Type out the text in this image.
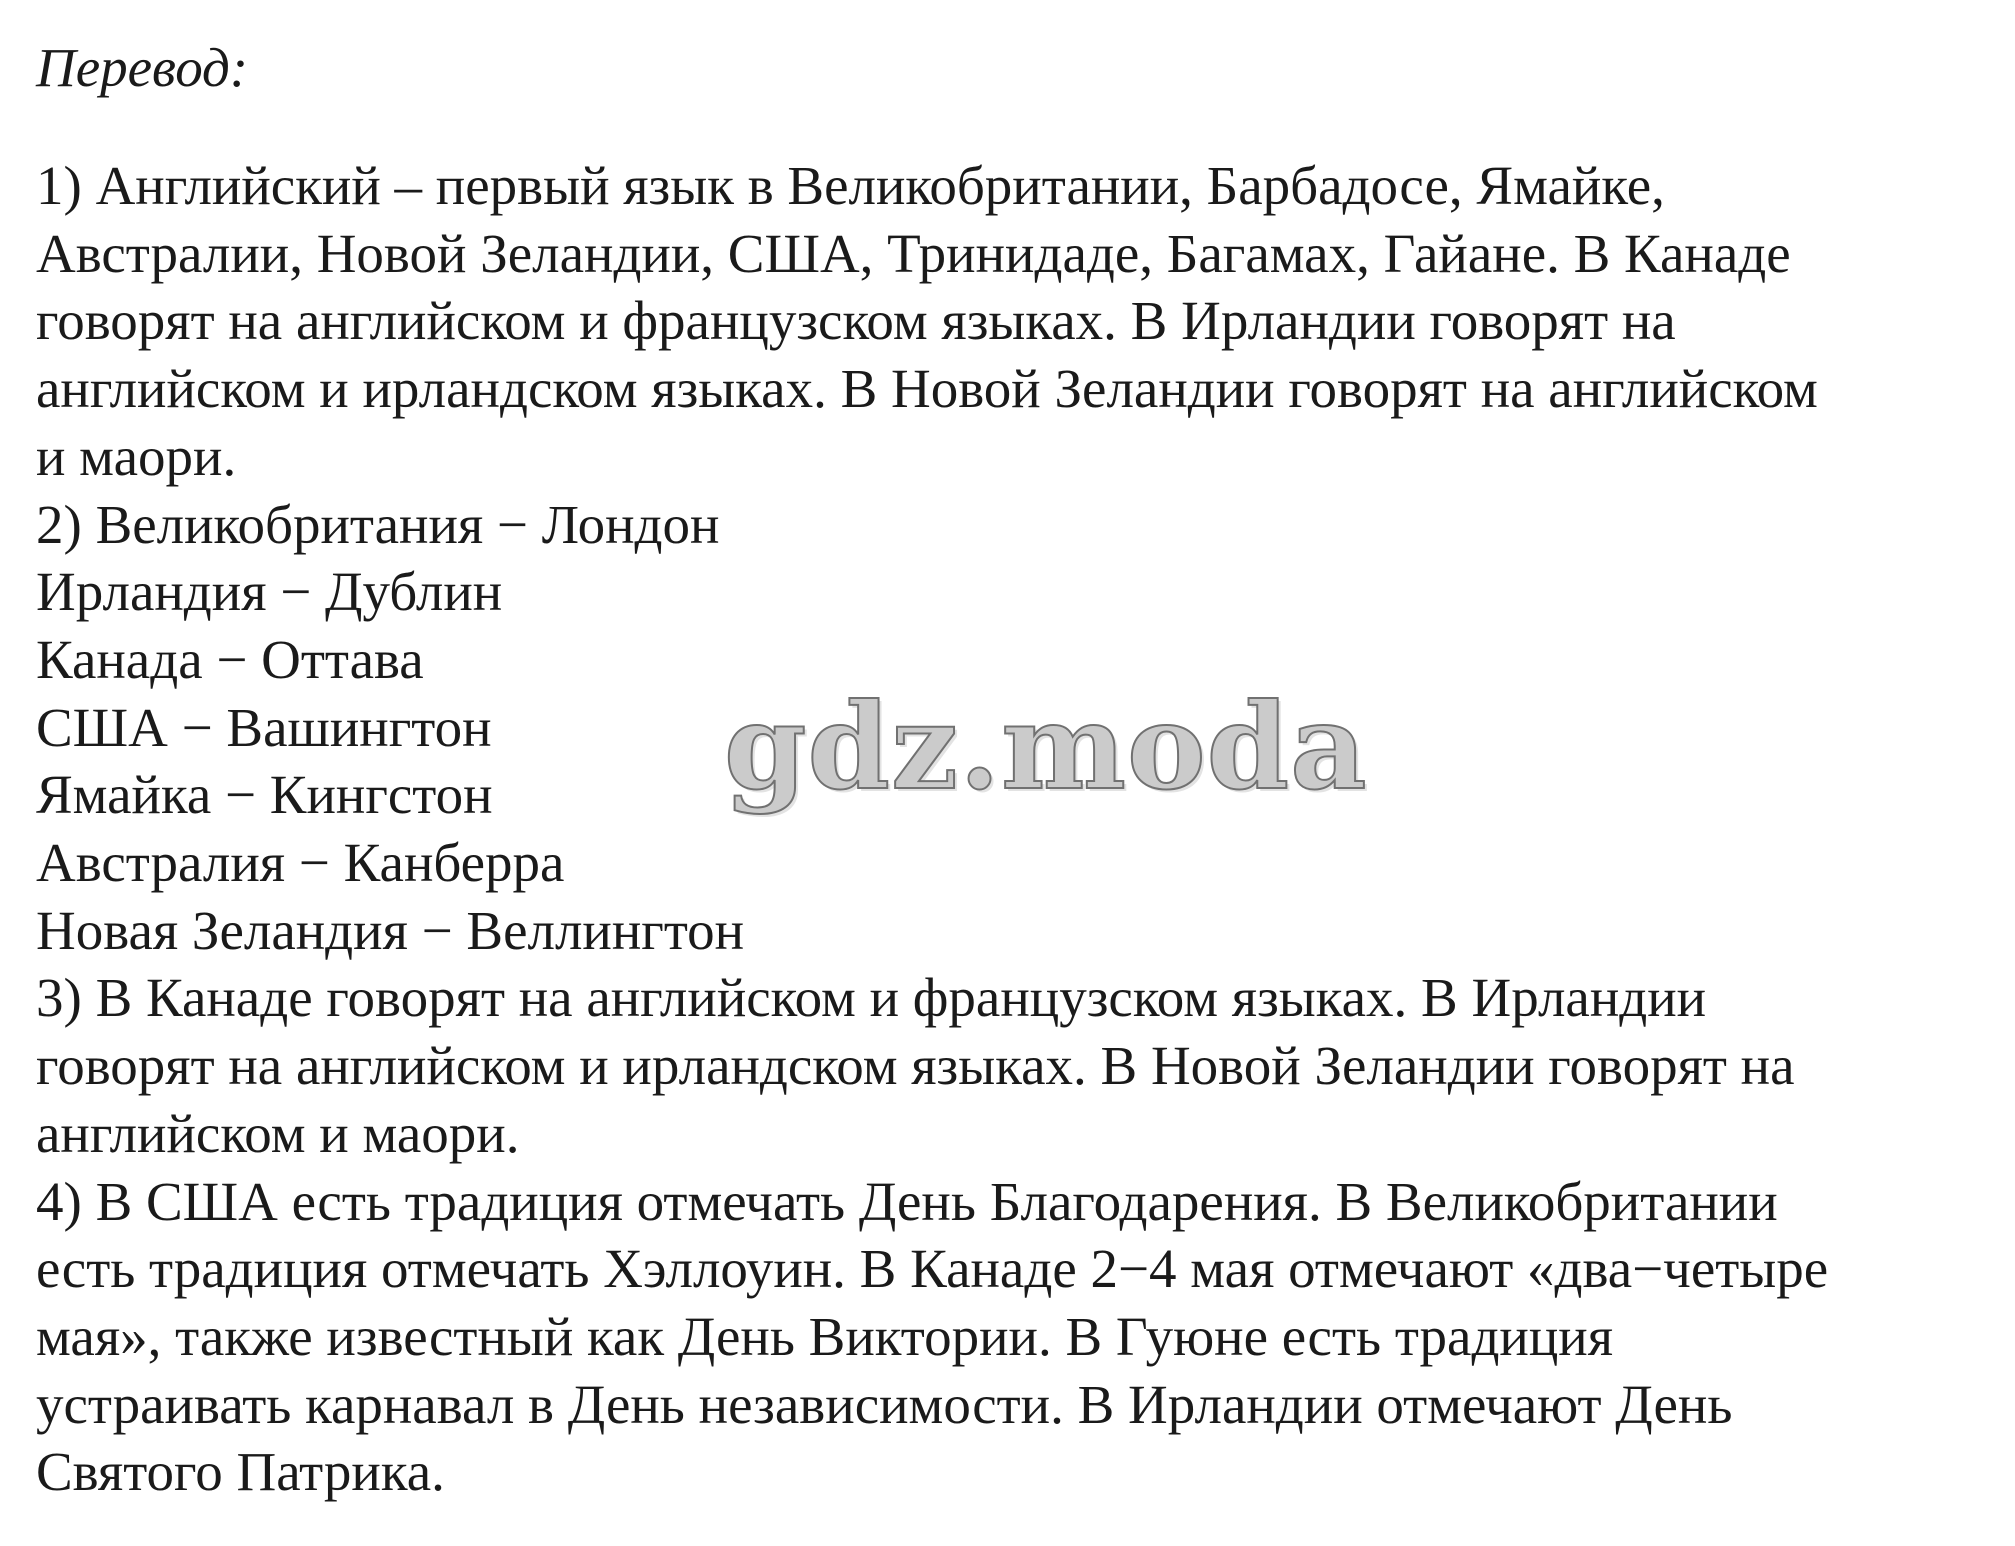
Перевод:
1) Английский – первый язык в Великобритании, Барбадосе, Ямайке,
Австралии, Новой Зеландии, США, Тринидаде, Багамах, Гайане. В Канаде
говорят на английском и французском языках. В Ирландии говорят на
английском и ирландском языках. В Новой Зеландии говорят на английском
и маори.
2) Великобритания − Лондон
Ирландия − Дублин
Канада − Оттава
США − Вашингтон
Ямайка − Кингстон
Австралия − Канберра
Новая Зеландия − Веллингтон
3) В Канаде говорят на английском и французском языках. В Ирландии
говорят на английском и ирландском языках. В Новой Зеландии говорят на
английском и маори.
4) В США есть традиция отмечать День Благодарения. В Великобритании
есть традиция отмечать Хэллоуин. В Канаде 2−4 мая отмечают «два−четыре
мая», также известный как День Виктории. В Гуюне есть традиция
устраивать карнавал в День независимости. В Ирландии отмечают День
Святого Патрика.
gdz.moda
